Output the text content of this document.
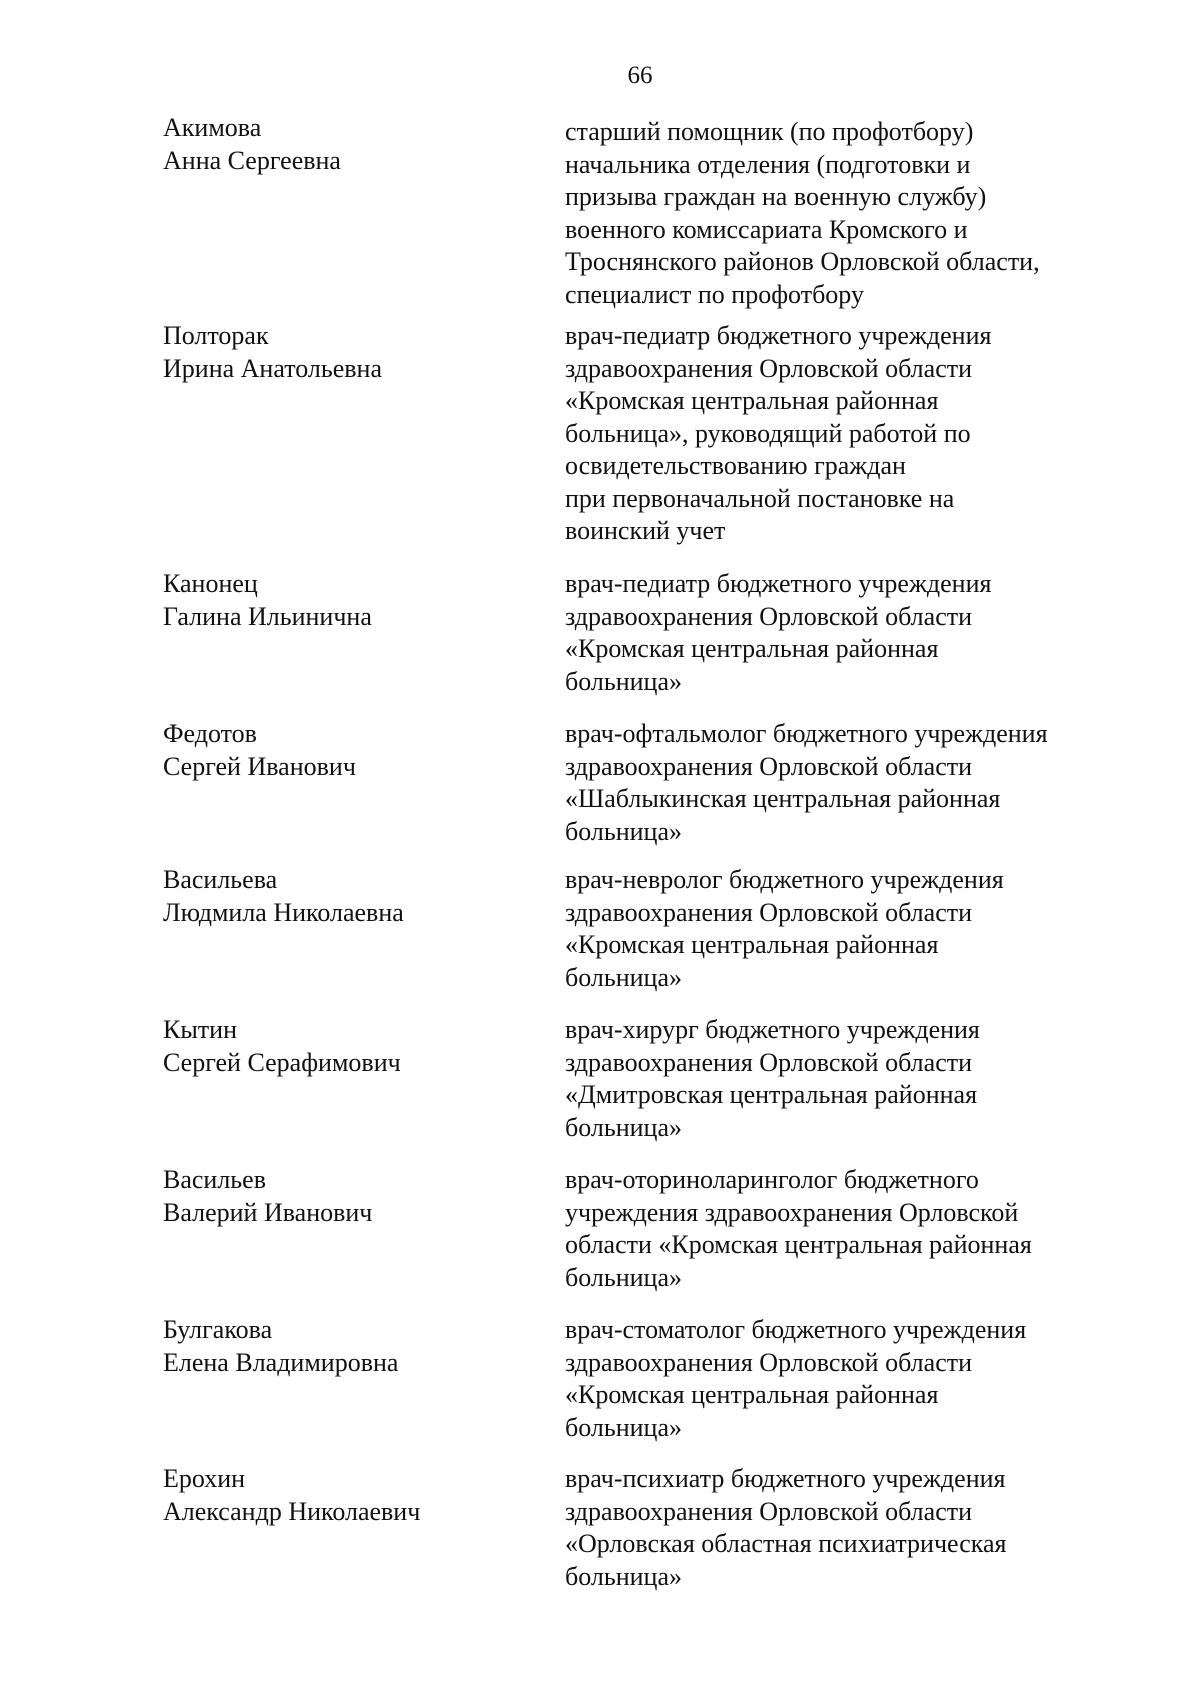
66
Акимова
Анна Сергеевна
старший помощник (по профотбору)
начальника отделения (подготовки и
призыва граждан на военную службу)
военного комиссариата Кромского и
Троснянского районов Орловской области,
специалист по профотбору
Полторак
Ирина Анатольевна
врач-педиатр бюджетного учреждения
здравоохранения Орловской области
«Кромская центральная районная
больница», руководящий работой по
освидетельствованию граждан
при первоначальной постановке на
воинский учет
Канонец
Галина Ильинична
врач-педиатр бюджетного учреждения
здравоохранения Орловской области
«Кромская центральная районная
больница»
Федотов
Сергей Иванович
врач-офтальмолог бюджетного учреждения
здравоохранения Орловской области
«Шаблыкинская центральная районная
больница»
Васильева
Людмила Николаевна
врач-невролог бюджетного учреждения
здравоохранения Орловской области
«Кромская центральная районная
больница»
Кытин
Сергей Серафимович
врач-хирург бюджетного учреждения
здравоохранения Орловской области
«Дмитровская центральная районная
больница»
Васильев
Валерий Иванович
врач-оториноларинголог бюджетного
учреждения здравоохранения Орловской
области «Кромская центральная районная
больница»
Булгакова
Елена Владимировна
врач-стоматолог бюджетного учреждения
здравоохранения Орловской области
«Кромская центральная районная
больница»
Ерохин
Александр Николаевич
врач-психиатр бюджетного учреждения
здравоохранения Орловской области
«Орловская областная психиатрическая
больница»
